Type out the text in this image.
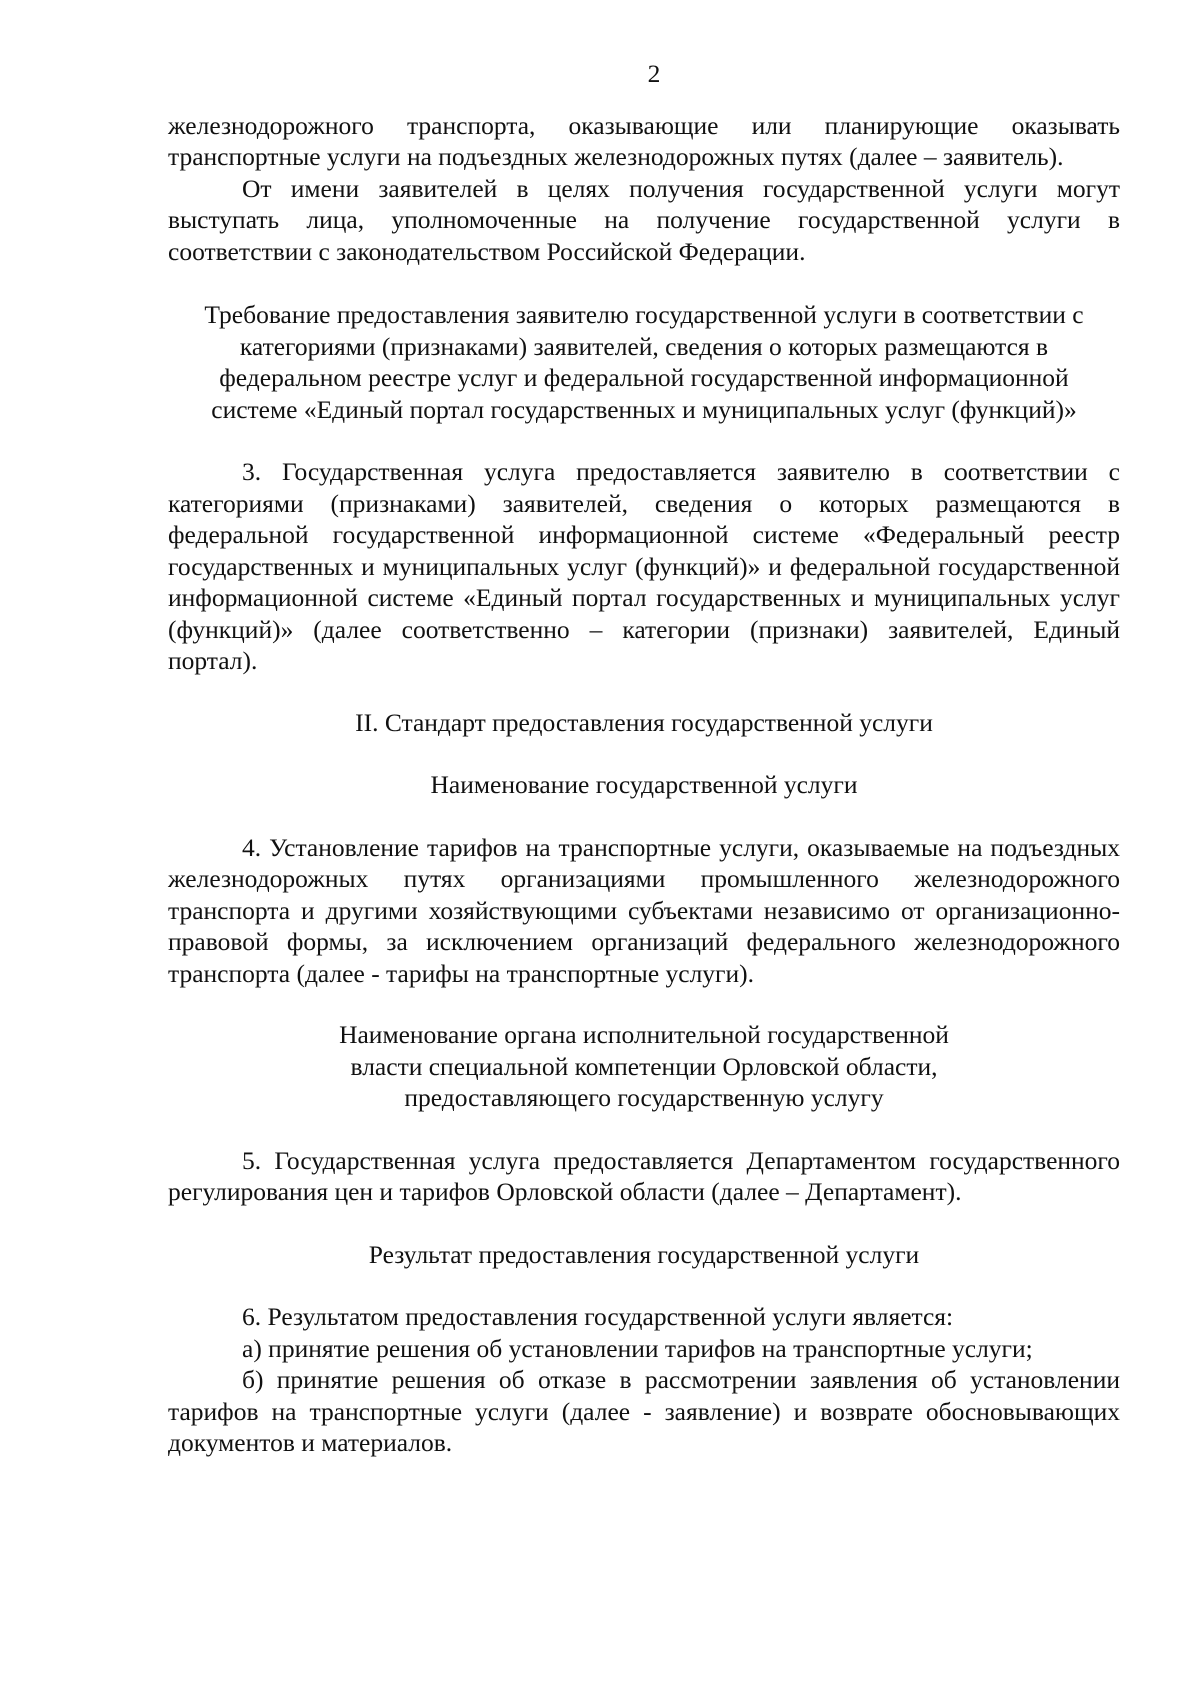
2

железнодорожного транспорта, оказывающие или планирующие оказывать транспортные услуги на подъездных железнодорожных путях (далее – заявитель).

От имени заявителей в целях получения государственной услуги могут выступать лица, уполномоченные на получение государственной услуги в соответствии с законодательством Российской Федерации.

Требование предоставления заявителю государственной услуги в соответствии с
категориями (признаками) заявителей, сведения о которых размещаются в
федеральном реестре услуг и федеральной государственной информационной
системе «Единый портал государственных и муниципальных услуг (функций)»

3. Государственная услуга предоставляется заявителю в соответствии с категориями (признаками) заявителей, сведения о которых размещаются в федеральной государственной информационной системе «Федеральный реестр государственных и муниципальных услуг (функций)» и федеральной государственной информационной системе «Единый портал государственных и муниципальных услуг (функций)» (далее соответственно – категории (признаки) заявителей, Единый портал).

II. Стандарт предоставления государственной услуги
Наименование государственной услуги

4. Установление тарифов на транспортные услуги, оказываемые на подъездных железнодорожных путях организациями промышленного железнодорожного транспорта и другими хозяйствующими субъектами независимо от организационно-правовой формы, за исключением организаций федерального железнодорожного транспорта (далее - тарифы на транспортные услуги).

Наименование органа исполнительной государственной
власти специальной компетенции Орловской области,
предоставляющего государственную услугу

5. Государственная услуга предоставляется Департаментом государственного регулирования цен и тарифов Орловской области (далее – Департамент).

Результат предоставления государственной услуги

6. Результатом предоставления государственной услуги является:

а) принятие решения об установлении тарифов на транспортные услуги;

б) принятие решения об отказе в рассмотрении заявления об установлении тарифов на транспортные услуги (далее - заявление) и возврате обосновывающих документов и материалов.
